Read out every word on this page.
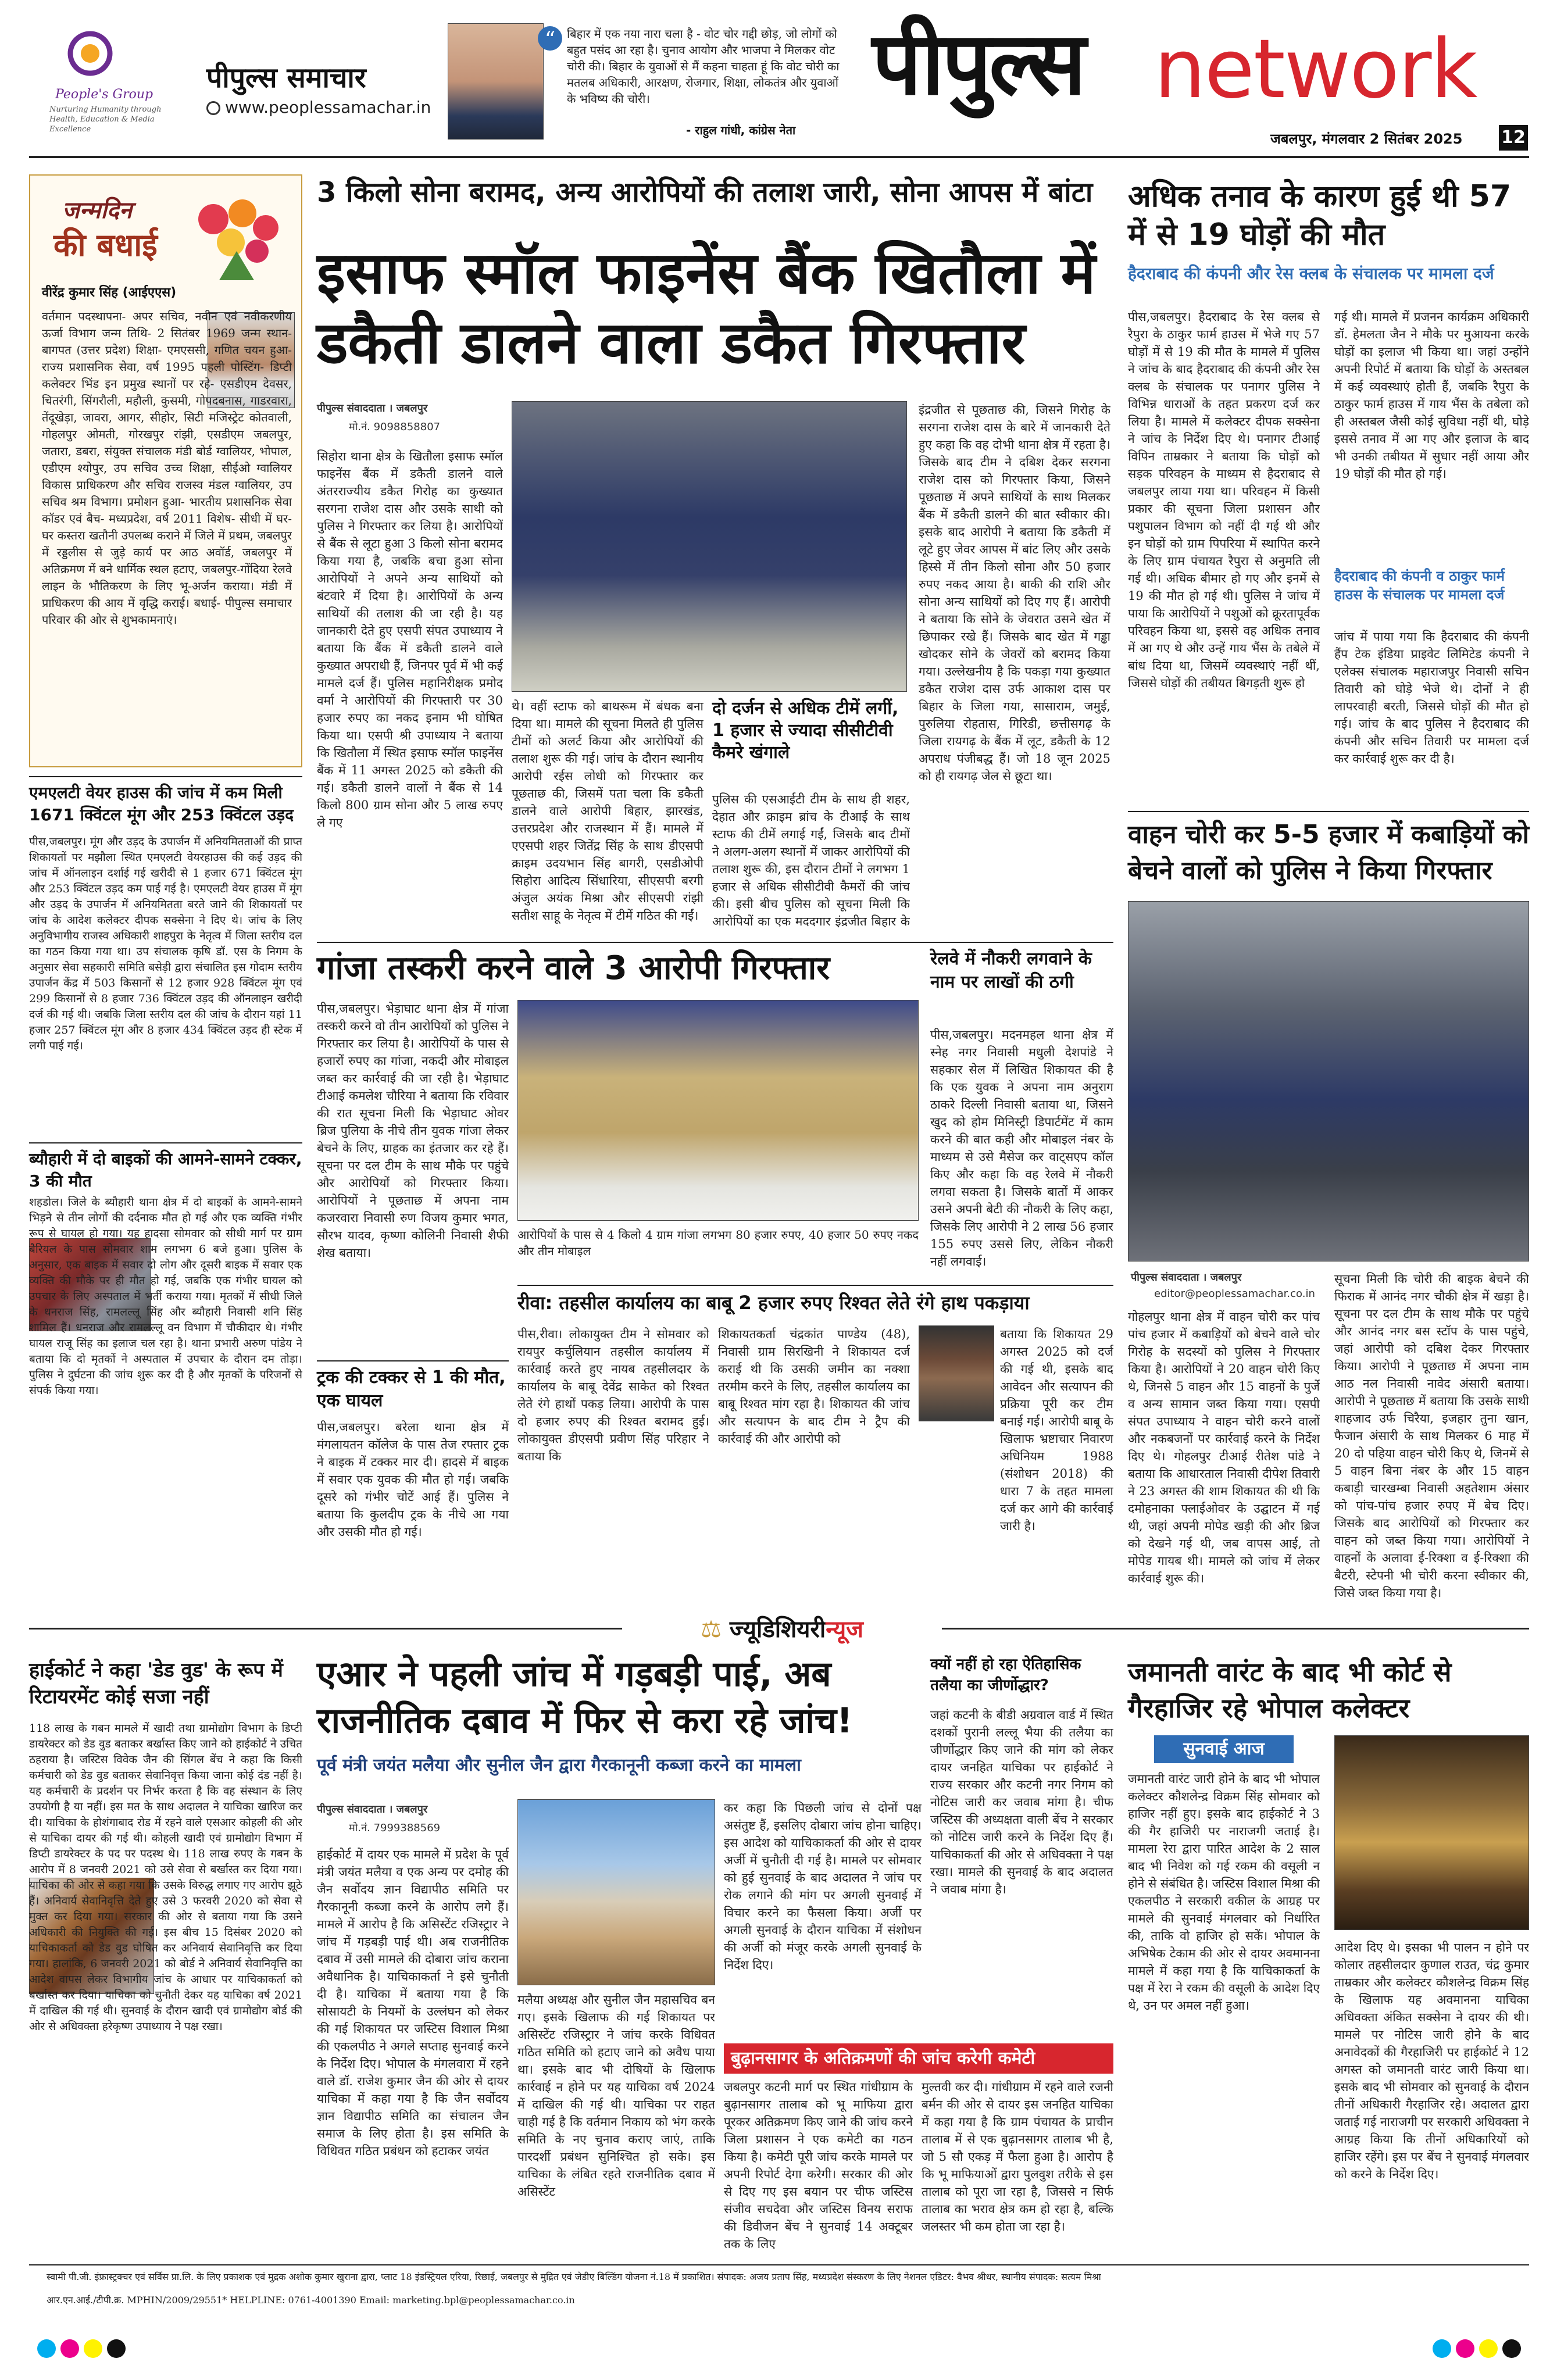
People's Group
Nurturing Humanity through Health, Education & Media Excellence
पीपुल्स समाचार
www.peoplessamachar.in
“ बिहार में एक नया नारा चला है - वोट चोर गद्दी छोड़, जो लोगों को बहुत पसंद आ रहा है। चुनाव आयोग और भाजपा ने मिलकर वोट चोरी की। बिहार के युवाओं से मैं कहना चाहता हूं कि वोट चोरी का मतलब अधिकारी, आरक्षण, रोजगार, शिक्षा, लोकतंत्र और युवाओं के भविष्य की चोरी।
- राहुल गांधी, कांग्रेस नेता
पीपुल्स network
जबलपुर, मंगलवार 2 सितंबर 2025 12
जन्मदिन
की बधाई
वीरेंद्र कुमार सिंह (आईएएस)
वर्तमान पदस्थापना- अपर सचिव, नवीन एवं नवीकरणीय ऊर्जा विभाग जन्म तिथि- 2 सितंबर 1969 जन्म स्थान- बागपत (उत्तर प्रदेश) शिक्षा- एमएससी, गणित चयन हुआ- राज्य प्रशासनिक सेवा, वर्ष 1995 पहली पोस्टिंग- डिप्टी कलेक्टर भिंड इन प्रमुख स्थानों पर रहे- एसडीएम देवसर, चितरंगी, सिंगरौली, महौली, कुसमी, गोपदबनास, गाडरवारा, तेंदूखेड़ा, जावरा, आगर, सीहोर, सिटी मजिस्ट्रेट कोतवाली, गोहलपुर ओमती, गोरखपुर रांझी, एसडीएम जबलपुर, जतारा, डबरा, संयुक्त संचालक मंडी बोर्ड ग्वालियर, भोपाल, एडीएम श्योपुर, उप सचिव उच्च शिक्षा, सीईओ ग्वालियर विकास प्राधिकरण और सचिव राजस्व मंडल ग्वालियर, उप सचिव श्रम विभाग। प्रमोशन हुआ- भारतीय प्रशासनिक सेवा कॉडर एवं बैच- मध्यप्रदेश, वर्ष 2011 विशेष- सीधी में घर-घर कस्तरा खतौनी उपलब्ध कराने में जिले में प्रथम, जबलपुर में रड्डलीस से जुड़े कार्य पर आठ अवॉर्ड, जबलपुर में अतिक्रमण में बने धार्मिक स्थल हटाए, जबलपुर-गोंदिया रेलवे लाइन के भौतिकरण के लिए भू-अर्जन कराया। मंडी में प्राधिकरण की आय में वृद्धि कराई। बधाई- पीपुल्स समाचार परिवार की ओर से शुभकामनाएं।
3 किलो सोना बरामद, अन्य आरोपियों की तलाश जारी, सोना आपस में बांटा
इसाफ स्मॉल फाइनेंस बैंक खितौला में डकैती डालने वाला डकैत गिरफ्तार
पीपुल्स संवाददाता । जबलपुर
मो.नं. 9098858807
सिहोरा थाना क्षेत्र के खितौला इसाफ स्मॉल फाइनेंस बैंक में डकैती डालने वाले अंतरराज्यीय डकैत गिरोह का कुख्यात सरगना राजेश दास और उसके साथी को पुलिस ने गिरफ्तार कर लिया है। आरोपियों से बैंक से लूटा हुआ 3 किलो सोना बरामद किया गया है, जबकि बचा हुआ सोना आरोपियों ने अपने अन्य साथियों को बंटवारे में दिया है। आरोपियों के अन्य साथियों की तलाश की जा रही है। यह जानकारी देते हुए एसपी संपत उपाध्याय ने बताया कि बैंक में डकैती डालने वाले कुख्यात अपराधी हैं, जिनपर पूर्व में भी कई मामले दर्ज हैं। पुलिस महानिरीक्षक प्रमोद वर्मा ने आरोपियों की गिरफ्तारी पर 30 हजार रुपए का नकद इनाम भी घोषित किया था। एसपी श्री उपाध्याय ने बताया कि खितौला में स्थित इसाफ स्मॉल फाइनेंस बैंक में 11 अगस्त 2025 को डकैती की गई। डकैती डालने वालों ने बैंक से 14 किलो 800 ग्राम सोना और 5 लाख रुपए ले गए
थे। वहीं स्टाफ को बाथरूम में बंधक बना दिया था। मामले की सूचना मिलते ही पुलिस टीमों को अलर्ट किया और आरोपियों की तलाश शुरू की गई। जांच के दौरान स्थानीय आरोपी रईस लोधी को गिरफ्तार कर पूछताछ की, जिसमें पता चला कि डकैती डालने वाले आरोपी बिहार, झारखंड, उत्तरप्रदेश और राजस्थान में हैं। मामले में एएसपी शहर जितेंद्र सिंह के साथ डीएसपी क्राइम उदयभान सिंह बागरी, एसडीओपी सिहोरा आदित्य सिंधारिया, सीएसपी बरगी अंजुल अयंक मिश्रा और सीएसपी रांझी सतीश साहू के नेतृत्व में टीमें गठित की गईं।
दो दर्जन से अधिक टीमें लगीं, 1 हजार से ज्यादा सीसीटीवी कैमरे खंगाले
पुलिस की एसआईटी टीम के साथ ही शहर, देहात और क्राइम ब्रांच के टीआई के साथ स्टाफ की टीमें लगाई गईं, जिसके बाद टीमों ने अलग-अलग स्थानों में जाकर आरोपियों की तलाश शुरू की, इस दौरान टीमों ने लगभग 1 हजार से अधिक सीसीटीवी कैमरों की जांच की। इसी बीच पुलिस को सूचना मिली कि आरोपियों का एक मददगार इंद्रजीत बिहार के
इंद्रजीत से पूछताछ की, जिसने गिरोह के सरगना राजेश दास के बारे में जानकारी देते हुए कहा कि वह दोभी थाना क्षेत्र में रहता है। जिसके बाद टीम ने दबिश देकर सरगना राजेश दास को गिरफ्तार किया, जिसने पूछताछ में अपने साथियों के साथ मिलकर बैंक में डकैती डालने की बात स्वीकार की। इसके बाद आरोपी ने बताया कि डकैती में लूटे हुए जेवर आपस में बांट लिए और उसके हिस्से में तीन किलो सोना और 50 हजार रुपए नकद आया है। बाकी की राशि और सोना अन्य साथियों को दिए गए हैं। आरोपी ने बताया कि सोने के जेवरात उसने खेत में छिपाकर रखे हैं। जिसके बाद खेत में गड्ढा खोदकर सोने के जेवरों को बरामद किया गया। उल्लेखनीय है कि पकड़ा गया कुख्यात डकैत राजेश दास उर्फ आकाश दास पर बिहार के जिला गया, सासाराम, जमुई, पुरुलिया रोहतास, गिरिडी, छत्तीसगढ़ के जिला रायगढ़ के बैंक में लूट, डकैती के 12 अपराध पंजीबद्ध हैं। जो 18 जून 2025 को ही रायगढ़ जेल से छूटा था।
अधिक तनाव के कारण हुई थी 57 में से 19 घोड़ों की मौत
हैदराबाद की कंपनी और रेस क्लब के संचालक पर मामला दर्ज
पीस,जबलपुर। हैदराबाद के रेस क्लब से रैपुरा के ठाकुर फार्म हाउस में भेजे गए 57 घोड़ों में से 19 की मौत के मामले में पुलिस ने जांच के बाद हैदराबाद की कंपनी और रेस क्लब के संचालक पर पनागर पुलिस ने विभिन्न धाराओं के तहत प्रकरण दर्ज कर लिया है। मामले में कलेक्टर दीपक सक्सेना ने जांच के निर्देश दिए थे। पनागर टीआई विपिन ताम्रकार ने बताया कि घोड़ों को सड़क परिवहन के माध्यम से हैदराबाद से जबलपुर लाया गया था। परिवहन में किसी प्रकार की सूचना जिला प्रशासन और पशुपालन विभाग को नहीं दी गई थी और इन घोड़ों को ग्राम पिपरिया में स्थापित करने के लिए ग्राम पंचायत रैपुरा से अनुमति ली गई थी। अधिक बीमार हो गए और इनमें से 19 की मौत हो गई थी। पुलिस ने जांच में पाया कि आरोपियों ने पशुओं को क्रूरतापूर्वक परिवहन किया था, इससे वह अधिक तनाव में आ गए थे और उन्हें गाय भैंस के तबेले में बांध दिया था, जिसमें व्यवस्थाएं नहीं थीं, जिससे घोड़ों की तबीयत बिगड़ती शुरू हो
गई थी। मामले में प्रजनन कार्यक्रम अधिकारी डॉ. हेमलता जैन ने मौके पर मुआयना करके घोड़ों का इलाज भी किया था। जहां उन्होंने अपनी रिपोर्ट में बताया कि घोड़ों के अस्तबल में कई व्यवस्थाएं होती हैं, जबकि रैपुरा के ठाकुर फार्म हाउस में गाय भैंस के तबेला को ही अस्तबल जैसी कोई सुविधा नहीं थी, घोड़े इससे तनाव में आ गए और इलाज के बाद भी उनकी तबीयत में सुधार नहीं आया और 19 घोड़ों की मौत हो गई।
हैदराबाद की कंपनी व ठाकुर फार्म हाउस के संचालक पर मामला दर्ज
जांच में पाया गया कि हैदराबाद की कंपनी हैंप टेक इंडिया प्राइवेट लिमिटेड कंपनी ने एलेक्स संचालक महाराजपुर निवासी सचिन तिवारी को घोड़े भेजे थे। दोनों ने ही लापरवाही बरती, जिससे घोड़ों की मौत हो गई। जांच के बाद पुलिस ने हैदराबाद की कंपनी और सचिन तिवारी पर मामला दर्ज कर कार्रवाई शुरू कर दी है।
एमएलटी वेयर हाउस की जांच में कम मिली 1671 क्विंटल मूंग और 253 क्विंटल उड़द
पीस,जबलपुर। मूंग और उड़द के उपार्जन में अनियमितताओं की प्राप्त शिकायतों पर मझौला स्थित एमएलटी वेयरहाउस की कई उड़द की जांच में ऑनलाइन दर्शाई गई खरीदी से 1 हजार 671 क्विंटल मूंग और 253 क्विंटल उड़द कम पाई गई है। एमएलटी वेयर हाउस में मूंग और उड़द के उपार्जन में अनियमितता बरते जाने की शिकायतों पर जांच के आदेश कलेक्टर दीपक सक्सेना ने दिए थे। जांच के लिए अनुविभागीय राजस्व अधिकारी शाहपुरा के नेतृत्व में जिला स्तरीय दल का गठन किया गया था। उप संचालक कृषि डॉ. एस के निगम के अनुसार सेवा सहकारी समिति बसेड़ी द्वारा संचालित इस गोदाम स्तरीय उपार्जन केंद्र में 503 किसानों से 12 हजार 928 क्विंटल मूंग एवं 299 किसानों से 8 हजार 736 क्विंटल उड़द की ऑनलाइन खरीदी दर्ज की गई थी। जबकि जिला स्तरीय दल की जांच के दौरान यहां 11 हजार 257 क्विंटल मूंग और 8 हजार 434 क्विंटल उड़द ही स्टेक में लगी पाई गई।
ब्यौहारी में दो बाइकों की आमने-सामने टक्कर, 3 की मौत
शहडोल। जिले के ब्यौहारी थाना क्षेत्र में दो बाइकों के आमने-सामने भिड़ने से तीन लोगों की दर्दनाक मौत हो गई और एक व्यक्ति गंभीर रूप से घायल हो गया। यह हादसा सोमवार को सीधी मार्ग पर ग्राम बैरियल के पास सोमवार शाम लगभग 6 बजे हुआ। पुलिस के अनुसार, एक बाइक में सवार दो लोग और दूसरी बाइक में सवार एक व्यक्ति की मौके पर ही मौत हो गई, जबकि एक गंभीर घायल को उपचार के लिए अस्पताल में भर्ती कराया गया। मृतकों में सीधी जिले के धनराज सिंह, रामलल्लू सिंह और ब्यौहारी निवासी शनि सिंह शामिल हैं। धनराज और रामलल्लू वन विभाग में चौकीदार थे। गंभीर घायल राजू सिंह का इलाज चल रहा है। थाना प्रभारी अरुण पांडेय ने बताया कि दो मृतकों ने अस्पताल में उपचार के दौरान दम तोड़ा। पुलिस ने दुर्घटना की जांच शुरू कर दी है और मृतकों के परिजनों से संपर्क किया गया।
गांजा तस्करी करने वाले 3 आरोपी गिरफ्तार
पीस,जबलपुर। भेड़ाघाट थाना क्षेत्र में गांजा तस्करी करने वो तीन आरोपियों को पुलिस ने गिरफ्तार कर लिया है। आरोपियों के पास से हजारों रुपए का गांजा, नकदी और मोबाइल जब्त कर कार्रवाई की जा रही है। भेड़ाघाट टीआई कमलेश चौरिया ने बताया कि रविवार की रात सूचना मिली कि भेड़ाघाट ओवर ब्रिज पुलिया के नीचे तीन युवक गांजा लेकर बेचने के लिए, ग्राहक का इंतजार कर रहे हैं। सूचना पर दल टीम के साथ मौके पर पहुंचे और आरोपियों को गिरफ्तार किया। आरोपियों ने पूछताछ में अपना नाम कजरवारा निवासी रुण विजय कुमार भगत, सौरभ यादव, कृष्णा कोलिनी निवासी शैफी शेख बताया।
आरोपियों के पास से 4 किलो 4 ग्राम गांजा लगभग 80 हजार रुपए, 40 हजार 50 रुपए नकद और तीन मोबाइल
रेलवे में नौकरी लगवाने के नाम पर लाखों की ठगी
पीस,जबलपुर। मदनमहल थाना क्षेत्र में स्नेह नगर निवासी मधुली देशपांडे ने सहकार सेल में लिखित शिकायत की है कि एक युवक ने अपना नाम अनुराग ठाकरे दिल्ली निवासी बताया था, जिसने खुद को होम मिनिस्ट्री डिपार्टमेंट में काम करने की बात कही और मोबाइल नंबर के माध्यम से उसे मैसेज कर वाट्सएप कॉल किए और कहा कि वह रेलवे में नौकरी लगवा सकता है। जिसके बातों में आकर उसने अपनी बेटी की नौकरी के लिए कहा, जिसके लिए आरोपी ने 2 लाख 56 हजार 155 रुपए उससे लिए, लेकिन नौकरी नहीं लगवाई।
ट्रक की टक्कर से 1 की मौत, एक घायल
पीस,जबलपुर। बरेला थाना क्षेत्र में मंगलायतन कॉलेज के पास तेज रफ्तार ट्रक ने बाइक में टक्कर मार दी। हादसे में बाइक में सवार एक युवक की मौत हो गई। जबकि दूसरे को गंभीर चोटें आई हैं। पुलिस ने बताया कि कुलदीप ट्रक के नीचे आ गया और उसकी मौत हो गई।
रीवा: तहसील कार्यालय का बाबू 2 हजार रुपए रिश्वत लेते रंगे हाथ पकड़ाया
पीस,रीवा। लोकायुक्त टीम ने सोमवार को रायपुर कर्चुलियान तहसील कार्यालय में कार्रवाई करते हुए नायब तहसीलदार के कार्यालय के बाबू देवेंद्र साकेत को रिश्वत लेते रंगे हाथों पकड़ लिया। आरोपी के पास दो हजार रुपए की रिश्वत बरामद हुई। लोकायुक्त डीएसपी प्रवीण सिंह परिहार ने बताया कि
शिकायतकर्ता चंद्रकांत पाण्डेय (48), निवासी ग्राम सिरखिनी ने शिकायत दर्ज कराई थी कि उसकी जमीन का नक्शा तरमीम करने के लिए, तहसील कार्यालय का बाबू रिश्वत मांग रहा है। शिकायत की जांच और सत्यापन के बाद टीम ने ट्रैप की कार्रवाई की और आरोपी को
बताया कि शिकायत 29 अगस्त 2025 को दर्ज की गई थी, इसके बाद आवेदन और सत्यापन की प्रक्रिया पूरी कर टीम बनाई गई। आरोपी बाबू के खिलाफ भ्रष्टाचार निवारण अधिनियम 1988 (संशोधन 2018) की धारा 7 के तहत मामला दर्ज कर आगे की कार्रवाई जारी है।
वाहन चोरी कर 5-5 हजार में कबाड़ियों को बेचने वालों को पुलिस ने किया गिरफ्तार
पीपुल्स संवाददाता । जबलपुर
editor@peoplessamachar.co.in
गोहलपुर थाना क्षेत्र में वाहन चोरी कर पांच पांच हजार में कबाड़ियों को बेचने वाले चोर गिरोह के सदस्यों को पुलिस ने गिरफ्तार किया है। आरोपियों ने 20 वाहन चोरी किए थे, जिनसे 5 वाहन और 15 वाहनों के पुर्जे व अन्य सामान जब्त किया गया। एसपी संपत उपाध्याय ने वाहन चोरी करने वालों और नकबजनों पर कार्रवाई करने के निर्देश दिए थे। गोहलपुर टीआई रीतेश पांडे ने बताया कि आधारताल निवासी दीपेश तिवारी ने 23 अगस्त की शाम शिकायत की थी कि दमोहनाका फ्लाईओवर के उद्घाटन में गई थी, जहां अपनी मोपेड खड़ी की और ब्रिज को देखने गई थी, जब वापस आई, तो मोपेड गायब थी। मामले को जांच में लेकर कार्रवाई शुरू की।
सूचना मिली कि चोरी की बाइक बेचने की फिराक में आनंद नगर चौकी क्षेत्र में खड़ा है। सूचना पर दल टीम के साथ मौके पर पहुंचे और आनंद नगर बस स्टॉप के पास पहुंचे, जहां आरोपी को दबिश देकर गिरफ्तार किया। आरोपी ने पूछताछ में अपना नाम आठ नल निवासी नावेद अंसारी बताया। आरोपी ने पूछताछ में बताया कि उसके साथी शाहजाद उर्फ चिरैया, इजहार तुना खान, फैजान अंसारी के साथ मिलकर 6 माह में 20 दो पहिया वाहन चोरी किए थे, जिनमें से 5 वाहन बिना नंबर के और 15 वाहन कबाड़ी चारखम्बा निवासी अहतेशाम अंसार को पांच-पांच हजार रुपए में बेच दिए। जिसके बाद आरोपियों को गिरफ्तार कर वाहन को जब्त किया गया। आरोपियों ने वाहनों के अलावा ई-रिक्शा व ई-रिक्शा की बैटरी, स्टेपनी भी चोरी करना स्वीकार की, जिसे जब्त किया गया है।
⚖ ज्यूडिशियरीन्यूज
हाईकोर्ट ने कहा 'डेड वुड' के रूप में रिटायरमेंट कोई सजा नहीं
118 लाख के गबन मामले में खादी तथा ग्रामोद्योग विभाग के डिप्टी डायरेक्टर को डेड वुड बताकर बर्खास्त किए जाने को हाईकोर्ट ने उचित ठहराया है। जस्टिस विवेक जैन की सिंगल बेंच ने कहा कि किसी कर्मचारी को डेड वुड बताकर सेवानिवृत्त किया जाना कोई दंड नहीं है। यह कर्मचारी के प्रदर्शन पर निर्भर करता है कि वह संस्थान के लिए उपयोगी है या नहीं। इस मत के साथ अदालत ने याचिका खारिज कर दी। याचिका के होशंगाबाद रोड में रहने वाले एसआर कोहली की ओर से याचिका दायर की गई थी। कोहली खादी एवं ग्रामोद्योग विभाग में डिप्टी डायरेक्टर के पद पर पदस्थ थे। 118 लाख रुपए के गबन के आरोप में 8 जनवरी 2021 को उसे सेवा से बर्खास्त कर दिया गया। याचिका की ओर से कहा गया कि उसके विरुद्ध लगाए गए आरोप झूठे हैं। अनिवार्य सेवानिवृत्ति देते हुए उसे 3 फरवरी 2020 को सेवा से मुक्त कर दिया गया। सरकार की ओर से बताया गया कि उसने अधिकारी की नियुक्ति की गई। इस बीच 15 दिसंबर 2020 को याचिकाकर्ता को डेड वुड घोषित कर अनिवार्य सेवानिवृत्ति कर दिया गया। हालांकि, 6 जनवरी 2021 को बोर्ड ने अनिवार्य सेवानिवृत्ति का आदेश वापस लेकर विभागीय जांच के आधार पर याचिकाकर्ता को बर्खास्त कर दिया। याचिका को चुनौती देकर यह याचिका वर्ष 2021 में दाखिल की गई थी। सुनवाई के दौरान खादी एवं ग्रामोद्योग बोर्ड की ओर से अधिवक्ता हरेकृष्ण उपाध्याय ने पक्ष रखा।
एआर ने पहली जांच में गड़बड़ी पाई, अब राजनीतिक दबाव में फिर से करा रहे जांच!
पूर्व मंत्री जयंत मलैया और सुनील जैन द्वारा गैरकानूनी कब्जा करने का मामला
पीपुल्स संवाददाता । जबलपुर
मो.नं. 7999388569
हाईकोर्ट में दायर एक मामले में प्रदेश के पूर्व मंत्री जयंत मलैया व एक अन्य पर दमोह की जैन सर्वोदय ज्ञान विद्यापीठ समिति पर गैरकानूनी कब्जा करने के आरोप लगे हैं। मामले में आरोप है कि असिस्टेंट रजिस्ट्रार ने जांच में गड़बड़ी पाई थी। अब राजनीतिक दबाव में उसी मामले की दोबारा जांच कराना अवैधानिक है। याचिकाकर्ता ने इसे चुनौती दी है। याचिका में बताया गया है कि सोसायटी के नियमों के उल्लंघन को लेकर की गई शिकायत पर जस्टिस विशाल मिश्रा की एकलपीठ ने अगले सप्ताह सुनवाई करने के निर्देश दिए। भोपाल के मंगलवारा में रहने वाले डॉ. राजेश कुमार जैन की ओर से दायर याचिका में कहा गया है कि जैन सर्वोदय ज्ञान विद्यापीठ समिति का संचालन जैन समाज के लिए होता है। इस समिति के विधिवत गठित प्रबंधन को हटाकर जयंत
मलैया अध्यक्ष और सुनील जैन महासचिव बन गए। इसके खिलाफ की गई शिकायत पर असिस्टेंट रजिस्ट्रार ने जांच करके विधिवत गठित समिति को हटाए जाने को अवैध पाया था। इसके बाद भी दोषियों के खिलाफ कार्रवाई न होने पर यह याचिका वर्ष 2024 में दाखिल की गई थी। याचिका पर राहत चाही गई है कि वर्तमान निकाय को भंग करके समिति के नए चुनाव कराए जाएं, ताकि पारदर्शी प्रबंधन सुनिश्चित हो सके। इस याचिका के लंबित रहते राजनीतिक दबाव में असिस्टेंट
कर कहा कि पिछली जांच से दोनों पक्ष असंतुष्ट हैं, इसलिए दोबारा जांच होना चाहिए। इस आदेश को याचिकाकर्ता की ओर से दायर अर्जी में चुनौती दी गई है। मामले पर सोमवार को हुई सुनवाई के बाद अदालत ने जांच पर रोक लगाने की मांग पर अगली सुनवाई में विचार करने का फैसला किया। अर्जी पर अगली सुनवाई के दौरान याचिका में संशोधन की अर्जी को मंजूर करके अगली सुनवाई के निर्देश दिए।
क्यों नहीं हो रहा ऐतिहासिक तलैया का जीर्णोद्धार?
जहां कटनी के बीडी अग्रवाल वार्ड में स्थित दशकों पुरानी लल्लू भैया की तलैया का जीर्णोद्धार किए जाने की मांग को लेकर दायर जनहित याचिका पर हाईकोर्ट ने राज्य सरकार और कटनी नगर निगम को नोटिस जारी कर जवाब मांगा है। चीफ जस्टिस की अध्यक्षता वाली बेंच ने सरकार को नोटिस जारी करने के निर्देश दिए हैं। याचिकाकर्ता की ओर से अधिवक्ता ने पक्ष रखा। मामले की सुनवाई के बाद अदालत ने जवाब मांगा है।
बुढ़ानसागर के अतिक्रमणों की जांच करेगी कमेटी
जबलपुर कटनी मार्ग पर स्थित गांधीग्राम के बुढ़ानसागर तालाब को भू माफिया द्वारा पूरकर अतिक्रमण किए जाने की जांच करने जिला प्रशासन ने एक कमेटी का गठन किया है। कमेटी पूरी जांच करके मामले पर अपनी रिपोर्ट देगा करेगी। सरकार की ओर से दिए गए इस बयान पर चीफ जस्टिस संजीव सचदेवा और जस्टिस विनय सराफ की डिवीजन बेंच ने सुनवाई 14 अक्टूबर तक के लिए
मुल्तवी कर दी। गांधीग्राम में रहने वाले रजनी बर्मन की ओर से दायर इस जनहित याचिका में कहा गया है कि ग्राम पंचायत के प्राचीन तालाब में से एक बुढ़ानसागर तालाब भी है, जो 5 सौ एकड़ में फैला हुआ है। आरोप है कि भू माफियाओं द्वारा पुलवुश तरीके से इस तालाब को पूरा जा रहा है, जिससे न सिर्फ तालाब का भराव क्षेत्र कम हो रहा है, बल्कि जलस्तर भी कम होता जा रहा है।
जमानती वारंट के बाद भी कोर्ट से गैरहाजिर रहे भोपाल कलेक्टर
सुनवाई आज
जमानती वारंट जारी होने के बाद भी भोपाल कलेक्टर कौशलेन्द्र विक्रम सिंह सोमवार को हाजिर नहीं हुए। इसके बाद हाईकोर्ट ने 3 की गैर हाजिरी पर नाराजगी जताई है। मामला रेरा द्वारा पारित आदेश के 2 साल बाद भी निवेश को गई रकम की वसूली न होने से संबंधित है। जस्टिस विशाल मिश्रा की एकलपीठ ने सरकारी वकील के आग्रह पर मामले की सुनवाई मंगलवार को निर्धारित की, ताकि वो हाजिर हो सकें। भोपाल के अभिषेक टेकाम की ओर से दायर अवमानना मामले में कहा गया है कि याचिकाकर्ता के पक्ष में रेरा ने रकम की वसूली के आदेश दिए थे, उन पर अमल नहीं हुआ।
आदेश दिए थे। इसका भी पालन न होने पर कोलार तहसीलदार कुणाल राउत, चंद्र कुमार ताम्रकार और कलेक्टर कौशलेन्द्र विक्रम सिंह के खिलाफ यह अवमानना याचिका अधिवक्ता अंकित सक्सेना ने दायर की थी। मामले पर नोटिस जारी होने के बाद अनावेदकों की गैरहाजिरी पर हाईकोर्ट ने 12 अगस्त को जमानती वारंट जारी किया था। इसके बाद भी सोमवार को सुनवाई के दौरान तीनों अधिकारी गैरहाजिर रहे। अदालत द्वारा जताई गई नाराजगी पर सरकारी अधिवक्ता ने आग्रह किया कि तीनों अधिकारियों को हाजिर रहेंगे। इस पर बेंच ने सुनवाई मंगलवार को करने के निर्देश दिए।
स्वामी पी.जी. इंफ्रास्ट्रक्चर एवं सर्विस प्रा.लि. के लिए प्रकाशक एवं मुद्रक अशोक कुमार खुराना द्वारा, प्लाट 18 इंडस्ट्रियल एरिया, रिछाई, जबलपुर से मुद्रित एवं जेडीए बिल्डिंग योजना नं.18 में प्रकाशित। संपादक: अजय प्रताप सिंह, मध्यप्रदेश संस्करण के लिए नेशनल एडिटर: वैभव श्रीधर, स्थानीय संपादक: सत्यम मिश्रा
आर.एन.आई./टीपी.क्र. MPHIN/2009/29551* HELPLINE: 0761-4001390 Email: marketing.bpl@peoplessamachar.co.in
